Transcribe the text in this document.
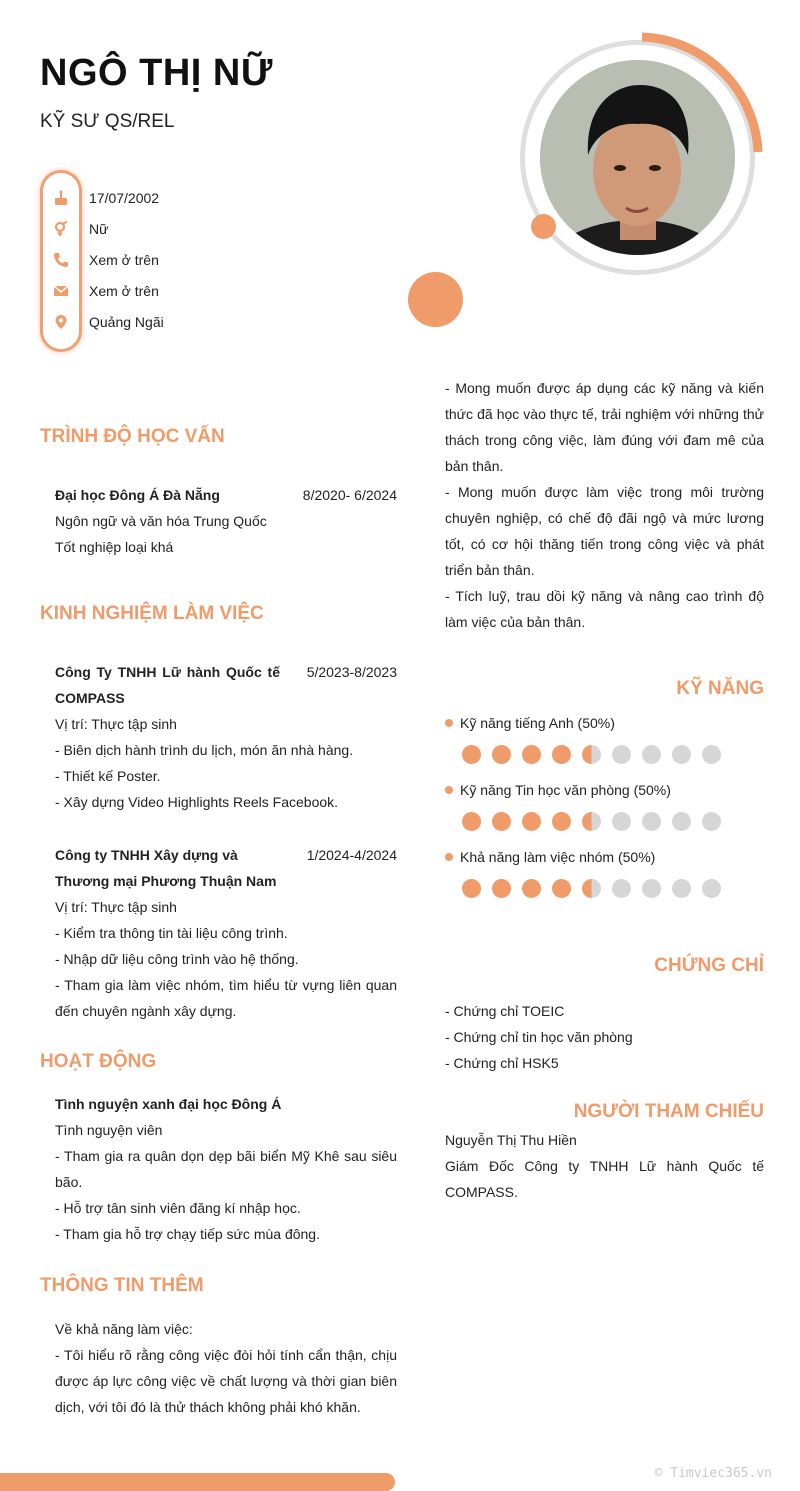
NGÔ THỊ NỮ
KỸ SƯ QS/REL
17/07/2002
Nữ
Xem ở trên
Xem ở trên
Quảng Ngãi

- Mong muốn được áp dụng các kỹ năng và kiến thức đã học vào thực tế, trải nghiệm với những thử thách trong công việc, làm đúng với đam mê của bản thân.

- Mong muốn được làm việc trong môi trường chuyên nghiệp, có chế độ đãi ngộ và mức lương tốt, có cơ hội thăng tiến trong công việc và phát triển bản thân.

- Tích luỹ, trau dồi kỹ năng và nâng cao trình độ làm việc của bản thân.

TRÌNH ĐỘ HỌC VẤN
Đại học Đông Á Đà Nẵng	8/2020- 6/2024
Ngôn ngữ và văn hóa Trung Quốc
Tốt nghiệp loại khá
KINH NGHIỆM LÀM VIỆC
Công Ty TNHH Lữ hành Quốc tế COMPASS
5/2023-8/2023
Vị trí: Thực tập sinh
- Biên dịch hành trình du lịch, món ăn nhà hàng.
- Thiết kế Poster.
- Xây dựng Video Highlights Reels Facebook.
Công ty TNHH Xây dựng và Thương mại Phương Thuận Nam
1/2024-4/2024
Vị trí: Thực tập sinh
- Kiểm tra thông tin tài liệu công trình.
- Nhập dữ liệu công trình vào hệ thống.
- Tham gia làm việc nhóm, tìm hiểu từ vựng liên quan đến chuyên ngành xây dựng.
HOẠT ĐỘNG
Tình nguyện xanh đại học Đông Á
Tình nguyện viên
- Tham gia ra quân dọn dẹp bãi biển Mỹ Khê sau siêu bão.
- Hỗ trợ tân sinh viên đăng kí nhập học.
- Tham gia hỗ trợ chạy tiếp sức mùa đông.
THÔNG TIN THÊM
Về khả năng làm việc:
- Tôi hiểu rõ rằng công việc đòi hỏi tính cẩn thận, chịu được áp lực công việc về chất lượng và thời gian biên dịch, với tôi đó là thử thách không phải khó khăn.
KỸ NĂNG
Kỹ năng tiếng Anh (50%)
Kỹ năng Tin học văn phòng (50%)
Khả năng làm việc nhóm (50%)
CHỨNG CHỈ
- Chứng chỉ TOEIC
- Chứng chỉ tin học văn phòng
- Chứng chỉ HSK5
NGƯỜI THAM CHIẾU
Nguyễn Thị Thu Hiền
Giám Đốc Công ty TNHH Lữ hành Quốc tế COMPASS.
© Timviec365.vn
